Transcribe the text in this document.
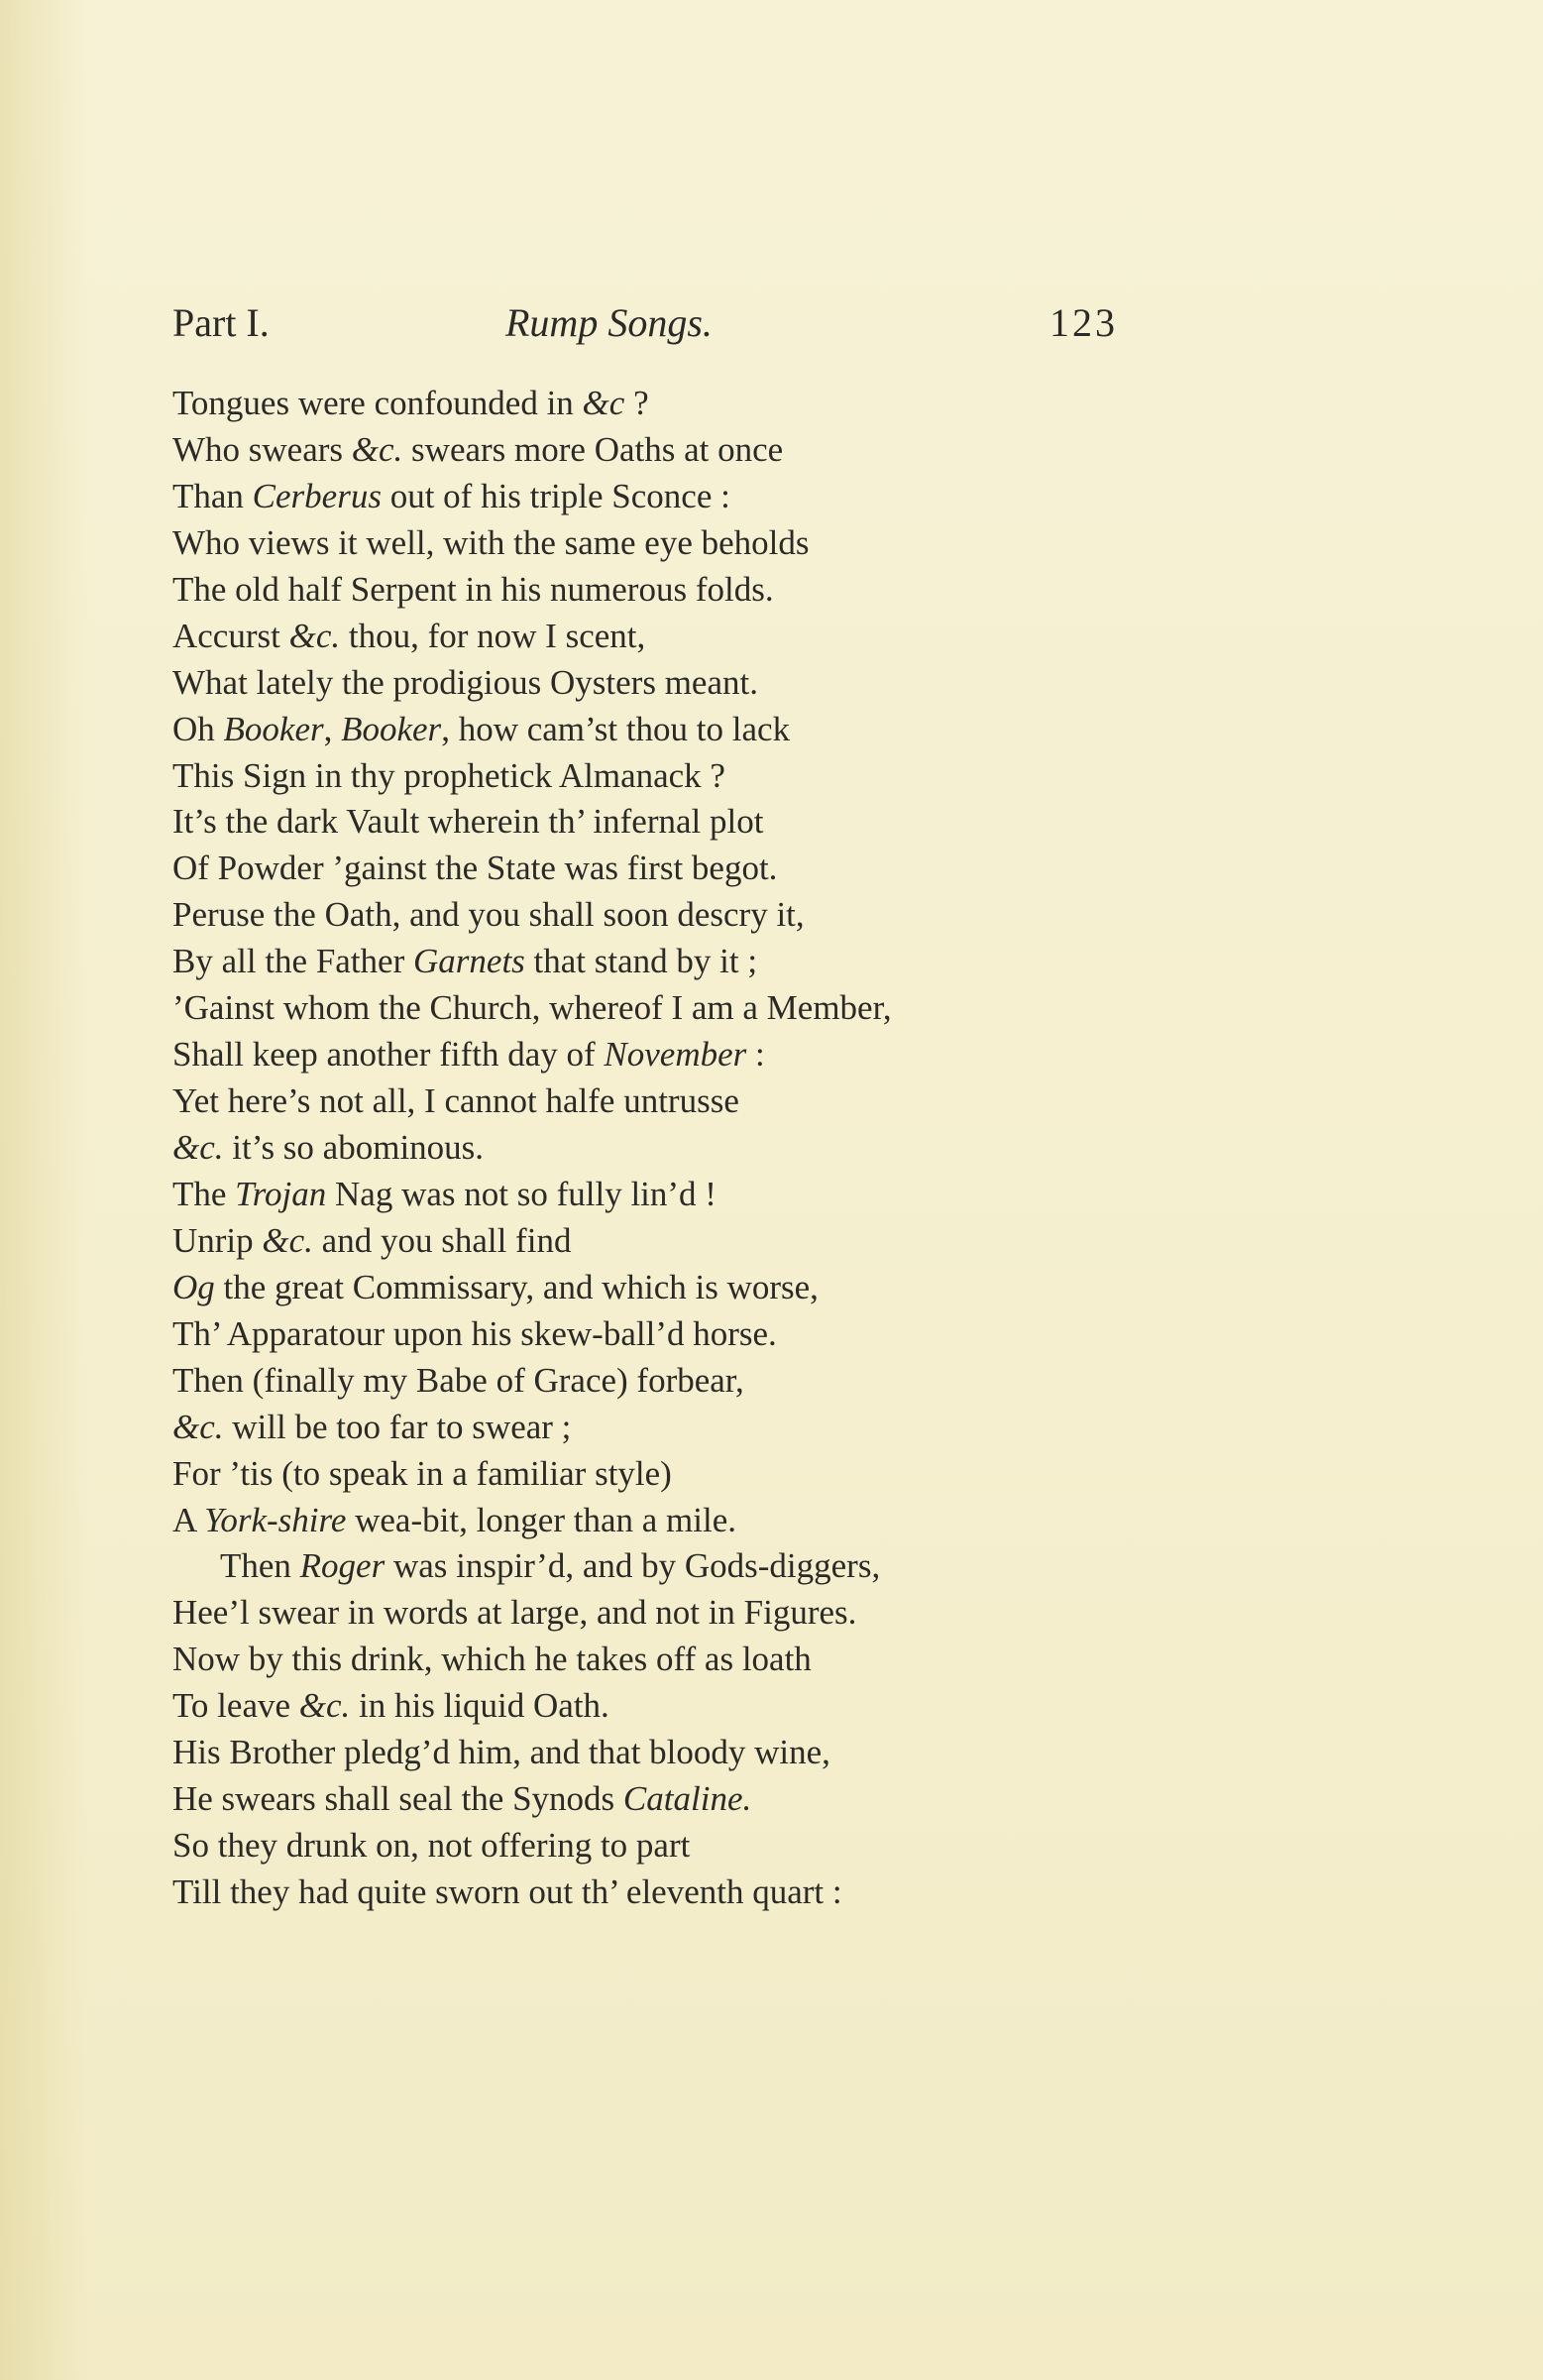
Part I.	Rump Songs.	123
Tongues were confounded in &c ?
Who swears &c. swears more Oaths at once
Than Cerberus out of his triple Sconce :
Who views it well, with the same eye beholds
The old half Serpent in his numerous folds.
Accurst &c. thou, for now I scent,
What lately the prodigious Oysters meant.
Oh Booker, Booker, how cam’st thou to lack
This Sign in thy prophetick Almanack ?
It’s the dark Vault wherein th’ infernal plot
Of Powder ’gainst the State was first begot.
Peruse the Oath, and you shall soon descry it,
By all the Father Garnets that stand by it ;
’Gainst whom the Church, whereof I am a Member,
Shall keep another fifth day of November :
Yet here’s not all, I cannot halfe untrusse
&c. it’s so abominous.
The Trojan Nag was not so fully lin’d !
Unrip &c. and you shall find
Og the great Commissary, and which is worse,
Th’ Apparatour upon his skew-ball’d horse.
Then (finally my Babe of Grace) forbear,
&c. will be too far to swear ;
For ’tis (to speak in a familiar style)
A York-shire wea-bit, longer than a mile.
Then Roger was inspir’d, and by Gods-diggers,
Hee’l swear in words at large, and not in Figures.
Now by this drink, which he takes off as loath
To leave &c. in his liquid Oath.
His Brother pledg’d him, and that bloody wine,
He swears shall seal the Synods Cataline.
So they drunk on, not offering to part
Till they had quite sworn out th’ eleventh quart :
